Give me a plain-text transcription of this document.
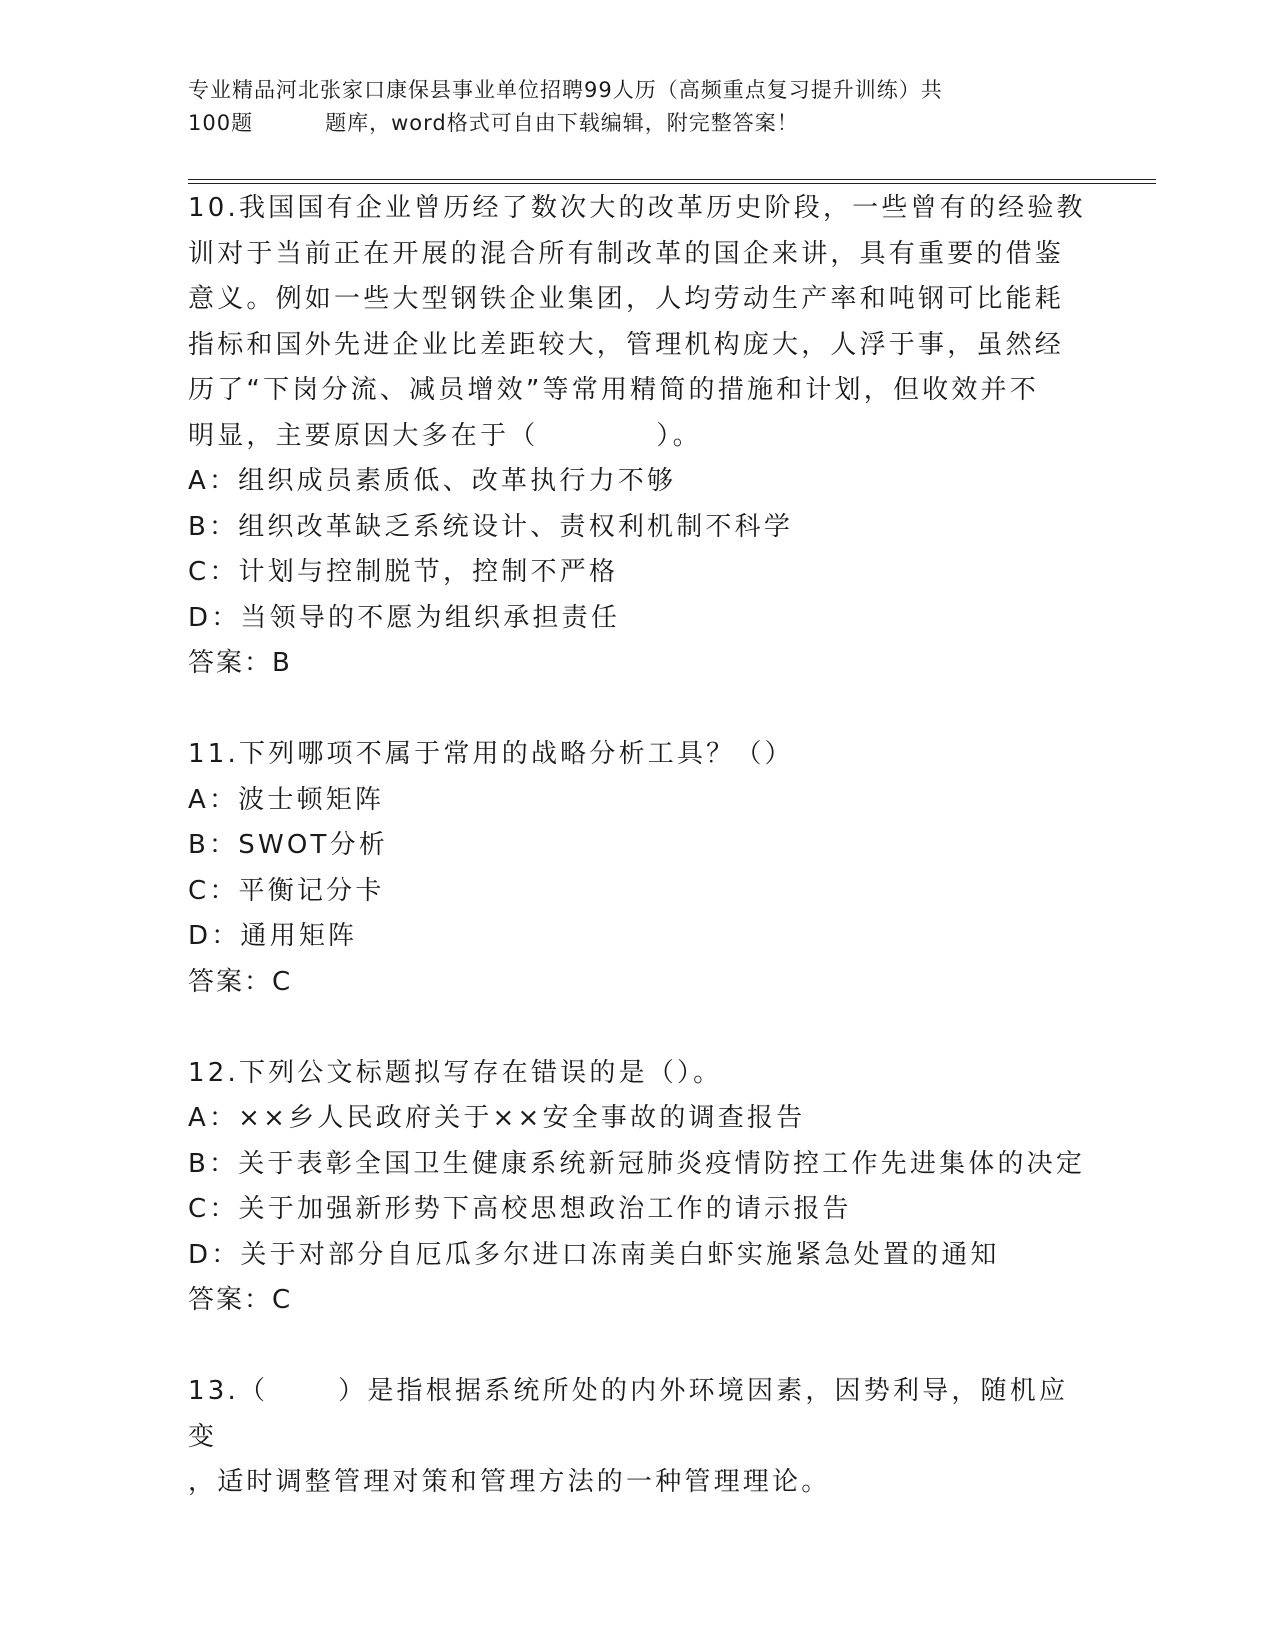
专业精品河北张家口康保县事业单位招聘99人历（高频重点复习提升训练）共
100题	题库，word格式可自由下载编辑，附完整答案！
10.我国国有企业曾历经了数次大的改革历史阶段，一些曾有的经验教
训对于当前正在开展的混合所有制改革的国企来讲，具有重要的借鉴
意义。例如一些大型钢铁企业集团，人均劳动生产率和吨钢可比能耗
指标和国外先进企业比差距较大，管理机构庞大，人浮于事，虽然经
历了“下岗分流、减员增效”等常用精简的措施和计划，但收效并不
明显，主要原因大多在于（	）。
A：组织成员素质低、改革执行力不够
B：组织改革缺乏系统设计、责权利机制不科学
C：计划与控制脱节，控制不严格
D：当领导的不愿为组织承担责任
答案：B
11.下列哪项不属于常用的战略分析工具？（）
A：波士顿矩阵
B：SWOT分析
C：平衡记分卡
D：通用矩阵
答案：C
12.下列公文标题拟写存在错误的是（）。
A：××乡人民政府关于××安全事故的调查报告
B：关于表彰全国卫生健康系统新冠肺炎疫情防控工作先进集体的决定
C：关于加强新形势下高校思想政治工作的请示报告
D：关于对部分自厄瓜多尔进口冻南美白虾实施紧急处置的通知
答案：C
13.（	）是指根据系统所处的内外环境因素，因势利导，随机应变
，适时调整管理对策和管理方法的一种管理理论。
